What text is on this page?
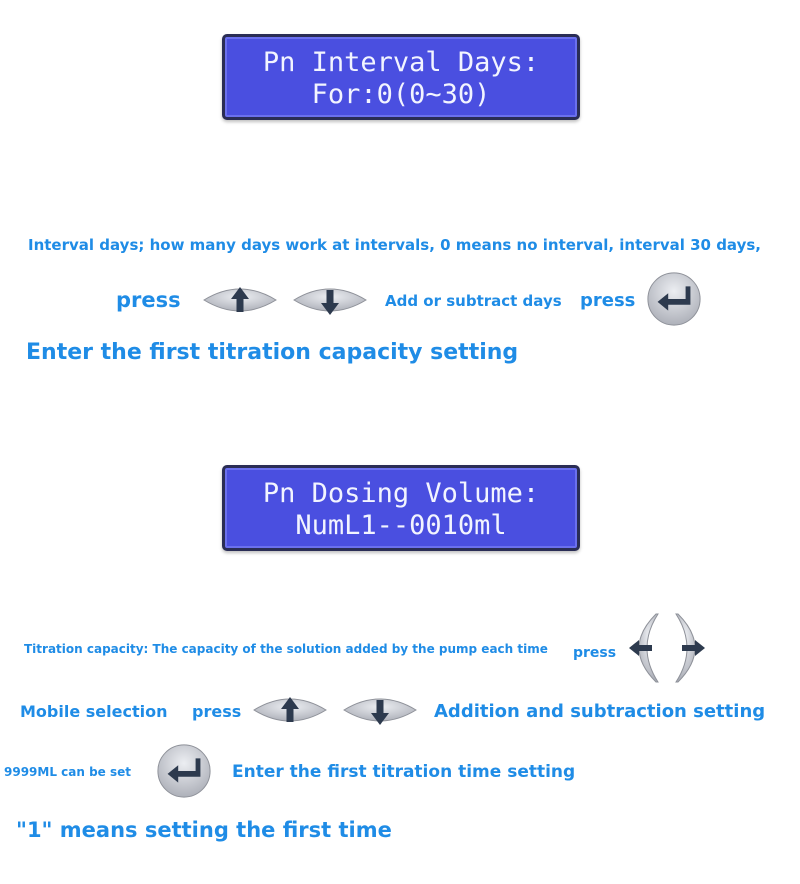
Pn Interval Days:
For:0(0~30)
Interval days; how many days work at intervals, 0 means no interval, interval 30 days,
press	Add or subtract days press
Enter the first titration capacity setting
Pn Dosing Volume:
NumL1--0010ml
Titration capacity: The capacity of the solution added by the pump each time press
Mobile selection press	Addition and subtraction setting
9999ML can be set	Enter the first titration time setting
"1" means setting the first time
